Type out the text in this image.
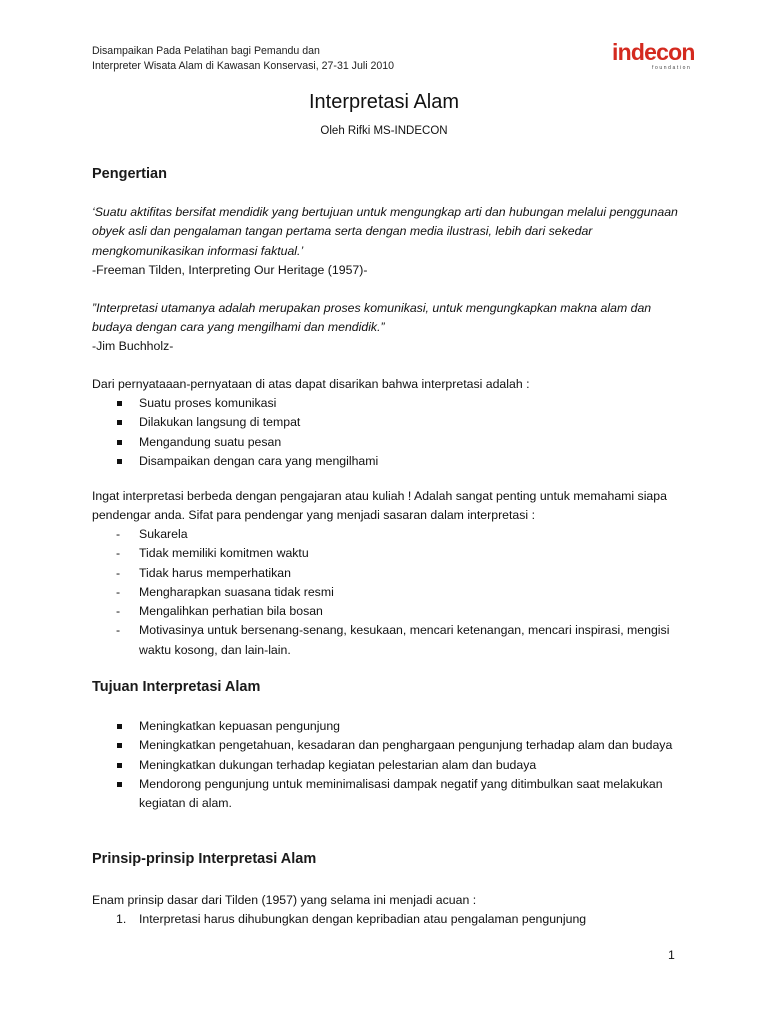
Disampaikan Pada Pelatihan bagi Pemandu dan
Interpreter Wisata Alam di Kawasan Konservasi, 27-31 Juli 2010
indecon
foundation
Interpretasi Alam
Oleh Rifki MS-INDECON
Pengertian
‘Suatu aktifitas bersifat mendidik yang bertujuan untuk mengungkap arti dan hubungan melalui penggunaan obyek asli dan pengalaman tangan pertama serta dengan media ilustrasi, lebih dari sekedar mengkomunikasikan informasi faktual.’
-Freeman Tilden, Interpreting Our Heritage (1957)-
”Interpretasi utamanya adalah merupakan proses komunikasi, untuk mengungkapkan makna alam dan budaya dengan cara yang mengilhami dan mendidik.”
-Jim Buchholz-
Dari pernyataaan-pernyataan di atas dapat disarikan bahwa interpretasi adalah :
Suatu proses komunikasi
Dilakukan langsung di tempat
Mengandung suatu pesan
Disampaikan dengan cara yang mengilhami
Ingat interpretasi berbeda dengan pengajaran atau kuliah ! Adalah sangat penting untuk memahami siapa pendengar anda. Sifat para pendengar yang menjadi sasaran dalam interpretasi :
- Sukarela
- Tidak memiliki komitmen waktu
- Tidak harus memperhatikan
- Mengharapkan suasana tidak resmi
- Mengalihkan perhatian bila bosan
- Motivasinya untuk bersenang-senang, kesukaan, mencari ketenangan, mencari inspirasi, mengisi waktu kosong, dan lain-lain.
Tujuan Interpretasi Alam
Meningkatkan kepuasan pengunjung
Meningkatkan pengetahuan, kesadaran dan penghargaan pengunjung terhadap alam dan budaya
Meningkatkan dukungan terhadap kegiatan pelestarian alam dan budaya
Mendorong pengunjung untuk meminimalisasi dampak negatif yang ditimbulkan saat melakukan kegiatan di alam.
Prinsip-prinsip Interpretasi Alam
Enam prinsip dasar dari Tilden (1957) yang selama ini menjadi acuan :
1. Interpretasi harus dihubungkan dengan kepribadian atau pengalaman pengunjung
1
